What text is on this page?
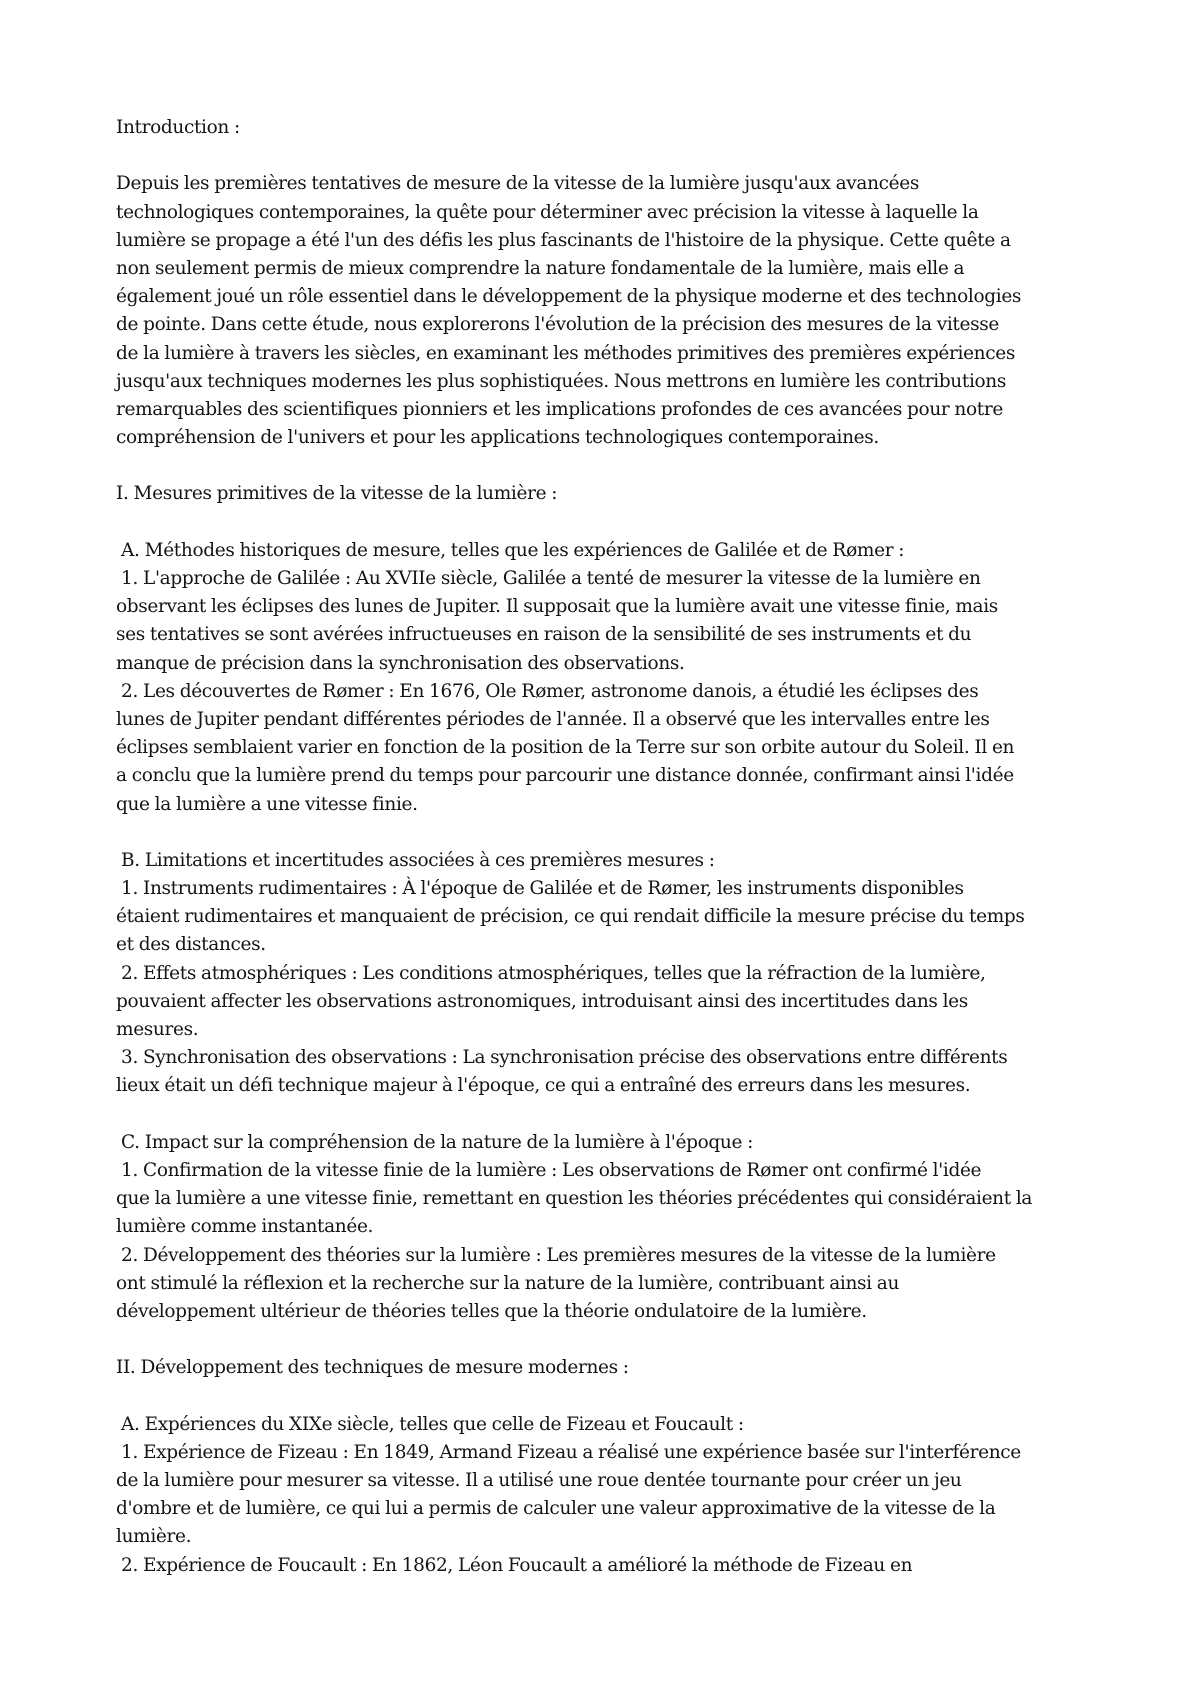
Introduction :
Depuis les premières tentatives de mesure de la vitesse de la lumière jusqu'aux avancées
technologiques contemporaines, la quête pour déterminer avec précision la vitesse à laquelle la
lumière se propage a été l'un des défis les plus fascinants de l'histoire de la physique. Cette quête a
non seulement permis de mieux comprendre la nature fondamentale de la lumière, mais elle a
également joué un rôle essentiel dans le développement de la physique moderne et des technologies
de pointe. Dans cette étude, nous explorerons l'évolution de la précision des mesures de la vitesse
de la lumière à travers les siècles, en examinant les méthodes primitives des premières expériences
jusqu'aux techniques modernes les plus sophistiquées. Nous mettrons en lumière les contributions
remarquables des scientifiques pionniers et les implications profondes de ces avancées pour notre
compréhension de l'univers et pour les applications technologiques contemporaines.
I. Mesures primitives de la vitesse de la lumière :
A. Méthodes historiques de mesure, telles que les expériences de Galilée et de Rømer :
1. L'approche de Galilée : Au XVIIe siècle, Galilée a tenté de mesurer la vitesse de la lumière en
observant les éclipses des lunes de Jupiter. Il supposait que la lumière avait une vitesse finie, mais
ses tentatives se sont avérées infructueuses en raison de la sensibilité de ses instruments et du
manque de précision dans la synchronisation des observations.
2. Les découvertes de Rømer : En 1676, Ole Rømer, astronome danois, a étudié les éclipses des
lunes de Jupiter pendant différentes périodes de l'année. Il a observé que les intervalles entre les
éclipses semblaient varier en fonction de la position de la Terre sur son orbite autour du Soleil. Il en
a conclu que la lumière prend du temps pour parcourir une distance donnée, confirmant ainsi l'idée
que la lumière a une vitesse finie.
B. Limitations et incertitudes associées à ces premières mesures :
1. Instruments rudimentaires : À l'époque de Galilée et de Rømer, les instruments disponibles
étaient rudimentaires et manquaient de précision, ce qui rendait difficile la mesure précise du temps
et des distances.
2. Effets atmosphériques : Les conditions atmosphériques, telles que la réfraction de la lumière,
pouvaient affecter les observations astronomiques, introduisant ainsi des incertitudes dans les
mesures.
3. Synchronisation des observations : La synchronisation précise des observations entre différents
lieux était un défi technique majeur à l'époque, ce qui a entraîné des erreurs dans les mesures.
C. Impact sur la compréhension de la nature de la lumière à l'époque :
1. Confirmation de la vitesse finie de la lumière : Les observations de Rømer ont confirmé l'idée
que la lumière a une vitesse finie, remettant en question les théories précédentes qui considéraient la
lumière comme instantanée.
2. Développement des théories sur la lumière : Les premières mesures de la vitesse de la lumière
ont stimulé la réflexion et la recherche sur la nature de la lumière, contribuant ainsi au
développement ultérieur de théories telles que la théorie ondulatoire de la lumière.
II. Développement des techniques de mesure modernes :
A. Expériences du XIXe siècle, telles que celle de Fizeau et Foucault :
1. Expérience de Fizeau : En 1849, Armand Fizeau a réalisé une expérience basée sur l'interférence
de la lumière pour mesurer sa vitesse. Il a utilisé une roue dentée tournante pour créer un jeu
d'ombre et de lumière, ce qui lui a permis de calculer une valeur approximative de la vitesse de la
lumière.
2. Expérience de Foucault : En 1862, Léon Foucault a amélioré la méthode de Fizeau en
